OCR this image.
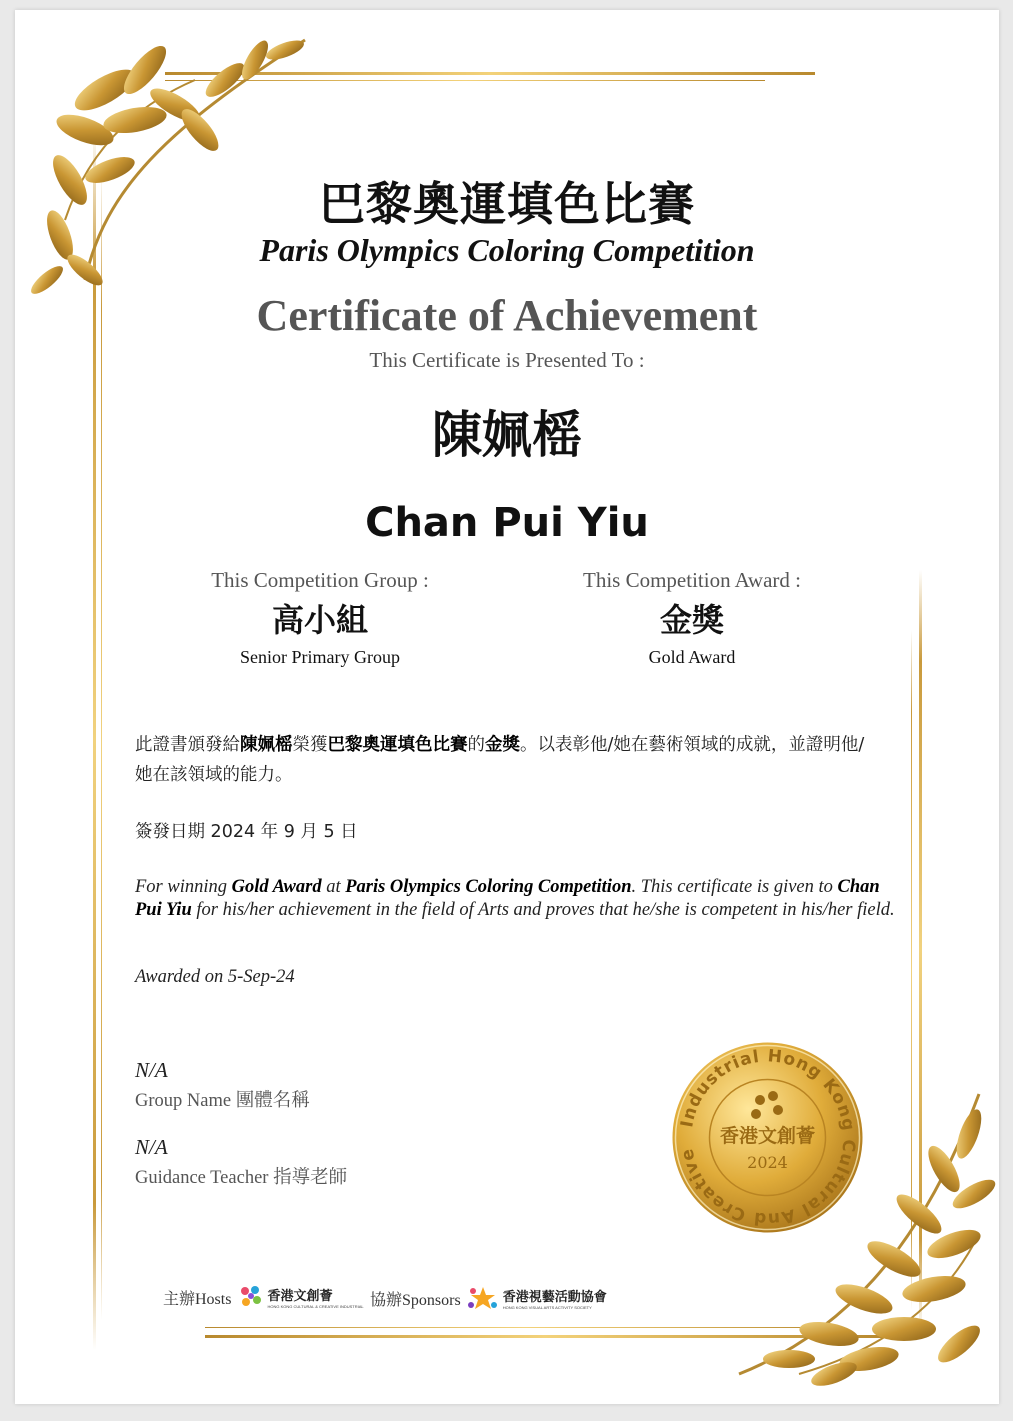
巴黎奧運填色比賽
Paris Olympics Coloring Competition
Certificate of Achievement
This Certificate is Presented To :
陳姵榣
Chan Pui Yiu
This Competition Group :
高小組
Senior Primary Group
This Competition Award :
金獎
Gold Award
此證書頒發給陳姵榣榮獲巴黎奧運填色比賽的金獎。以表彰他/她在藝術領域的成就，並證明他/她在該領域的能力。
簽發日期 2024 年 9 月 5 日
For winning Gold Award at Paris Olympics Coloring Competition. This certificate is given to Chan Pui Yiu for his/her achievement in the field of Arts and proves that he/she is competent in his/her field.
Awarded on 5-Sep-24
N/A
Group Name 團體名稱
N/A
Guidance Teacher 指導老師
Industrial Hong Kong Cultural And Creative
香港文創薈
2024
主辦Hosts	香港文創薈
HONG KONG CULTURAL & CREATIVE INDUSTRIAL 協辦Sponsors	香港視藝活動協會
HONG KONG VISUAL ARTS ACTIVITY SOCIETY
